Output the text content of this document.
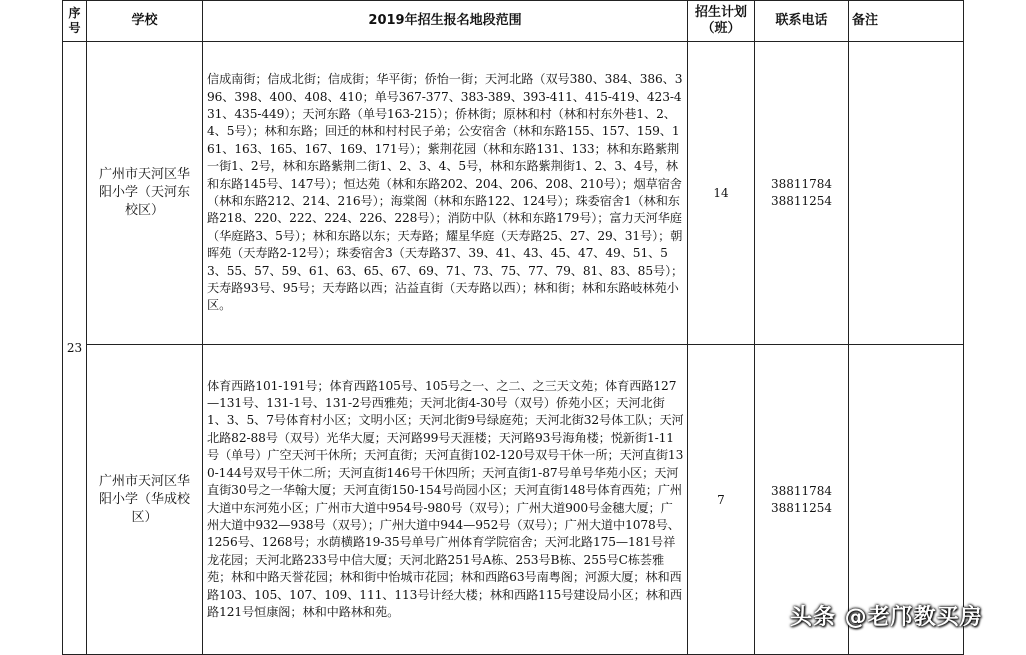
序号	学校	2019年招生报名地段范围	招生计划（班）	联系电话	备注
23	广州市天河区华阳小学（天河东校区）	信成南街；信成北街；信成街；华平街；侨怡一街；天河北路（双号380、384、386、396、398、400、408、410；单号367-377、383-389、393-411、415-419、423-431、435-449）；天河东路（单号163-215）；侨林街；原林和村（林和村东外巷1、2、4、5号）；林和东路；回迁的林和村村民子弟；公安宿舍（林和东路155、157、159、161、163、165、167、169、171号）；紫荆花园（林和东路131、133；林和东路紫荆一街1、2号，林和东路紫荆二街1、2、3、4、5号，林和东路紫荆街1、2、3、4号，林和东路145号、147号）；恒达苑（林和东路202、204、206、208、210号）；烟草宿舍（林和东路212、214、216号）；海棠阁（林和东路122、124号）；珠委宿舍1（林和东路218、220、222、224、226、228号）；消防中队（林和东路179号）；富力天河华庭（华庭路3、5号）；林和东路以东；天寿路；耀星华庭（天寿路25、27、29、31号）；朝晖苑（天寿路2-12号）；珠委宿舍3（天寿路37、39、41、43、45、47、49、51、53、55、57、59、61、63、65、67、69、71、73、75、77、79、81、83、85号）；天寿路93号、95号；天寿路以西；沾益直街（天寿路以西）；林和街；林和东路岐林苑小区。	14	38811784
38811254	

	广州市天河区华阳小学（华成校区）	体育西路101-191号；体育西路105号、105号之一、之二、之三天文苑；体育西路127—131号、131-1号、131-2号西雅苑；天河北街4-30号（双号）侨苑小区；天河北街1、3、5、7号体育村小区；文明小区；天河北街9号绿庭苑；天河北街32号体工队；天河北路82-88号（双号）光华大厦；天河路99号天涯楼；天河路93号海角楼；悦新街1-11号（单号）广空天河干休所；天河直街；天河直街102-120号双号干休一所；天河直街130-144号双号干休二所；天河直街146号干休四所；天河直街1-87号单号华苑小区；天河直街30号之一华翰大厦；天河直街150-154号尚园小区；天河直街148号体育西苑；广州大道中东河苑小区；广州市大道中954号-980号（双号）；广州大道900号金穗大厦；广州大道中932—938号（双号）；广州大道中944—952号（双号）；广州大道中1078号、1256号、1268号；水荫横路19-35号单号广州体育学院宿舍；天河北路175—181号祥龙花园；天河北路233号中信大厦；天河北路251号A栋、253号B栋、255号C栋荟雅苑；林和中路天誉花园；林和街中怡城市花园；林和西路63号南粤阁；河源大厦；林和西路103、105、107、109、111、113号计经大楼；林和西路115号建设局小区；林和西路121号恒康阁；林和中路林和苑。	7	38811784
38811254	

头条 @老邝教买房
